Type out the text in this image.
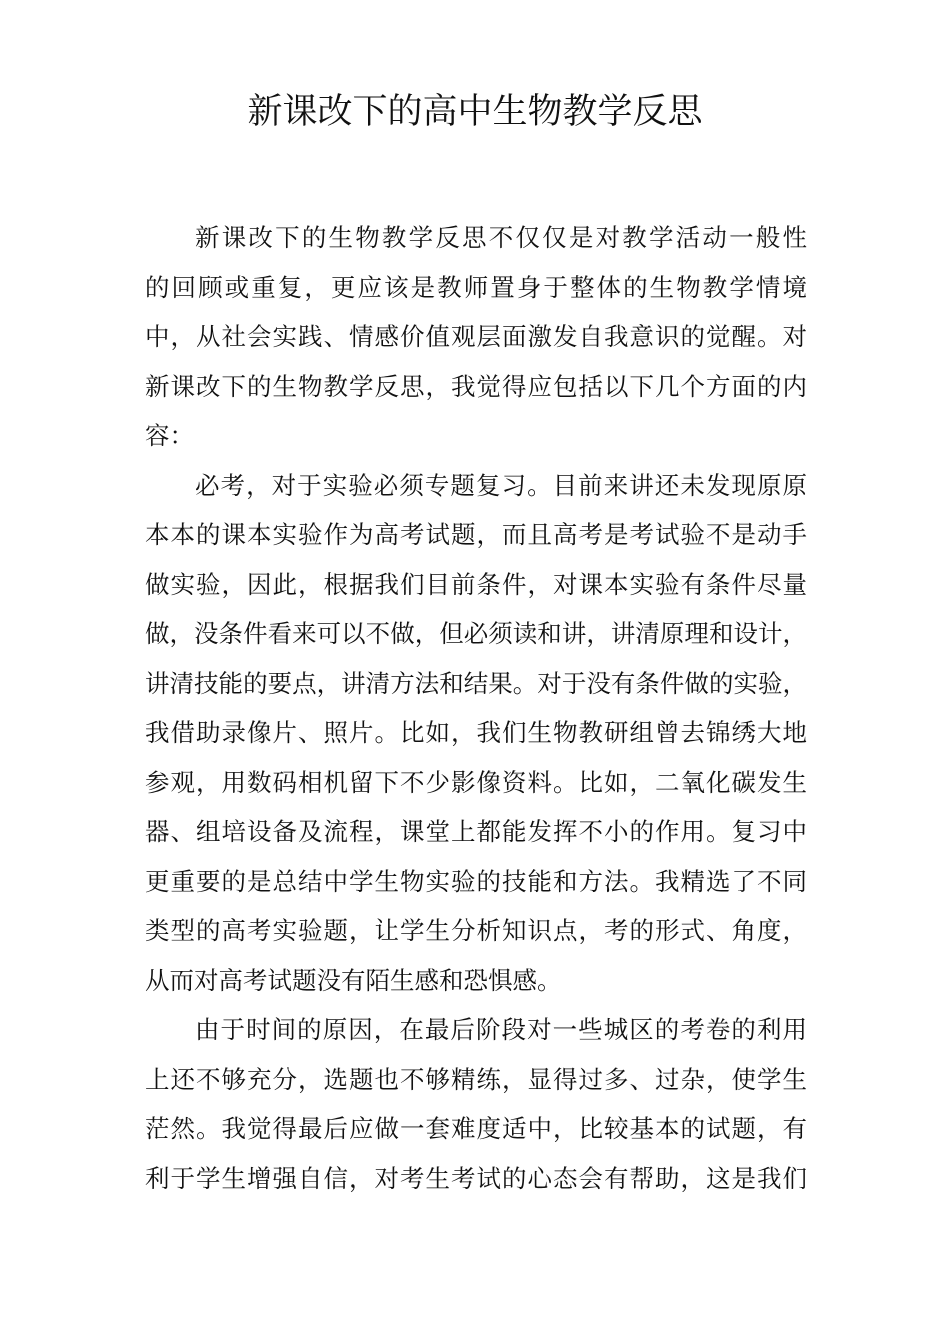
新课改下的高中生物教学反思
新课改下的生物教学反思不仅仅是对教学活动一般性
的回顾或重复，更应该是教师置身于整体的生物教学情境
中，从社会实践、情感价值观层面激发自我意识的觉醒。对
新课改下的生物教学反思，我觉得应包括以下几个方面的内
容：
必考，对于实验必须专题复习。目前来讲还未发现原原
本本的课本实验作为高考试题，而且高考是考试验不是动手
做实验，因此，根据我们目前条件，对课本实验有条件尽量
做，没条件看来可以不做，但必须读和讲，讲清原理和设计，
讲清技能的要点，讲清方法和结果。对于没有条件做的实验，
我借助录像片、照片。比如，我们生物教研组曾去锦绣大地
参观，用数码相机留下不少影像资料。比如，二氧化碳发生
器、组培设备及流程，课堂上都能发挥不小的作用。复习中
更重要的是总结中学生物实验的技能和方法。我精选了不同
类型的高考实验题，让学生分析知识点，考的形式、角度，
从而对高考试题没有陌生感和恐惧感。
由于时间的原因，在最后阶段对一些城区的考卷的利用
上还不够充分，选题也不够精练，显得过多、过杂，使学生
茫然。我觉得最后应做一套难度适中，比较基本的试题，有
利于学生增强自信，对考生考试的心态会有帮助，这是我们
